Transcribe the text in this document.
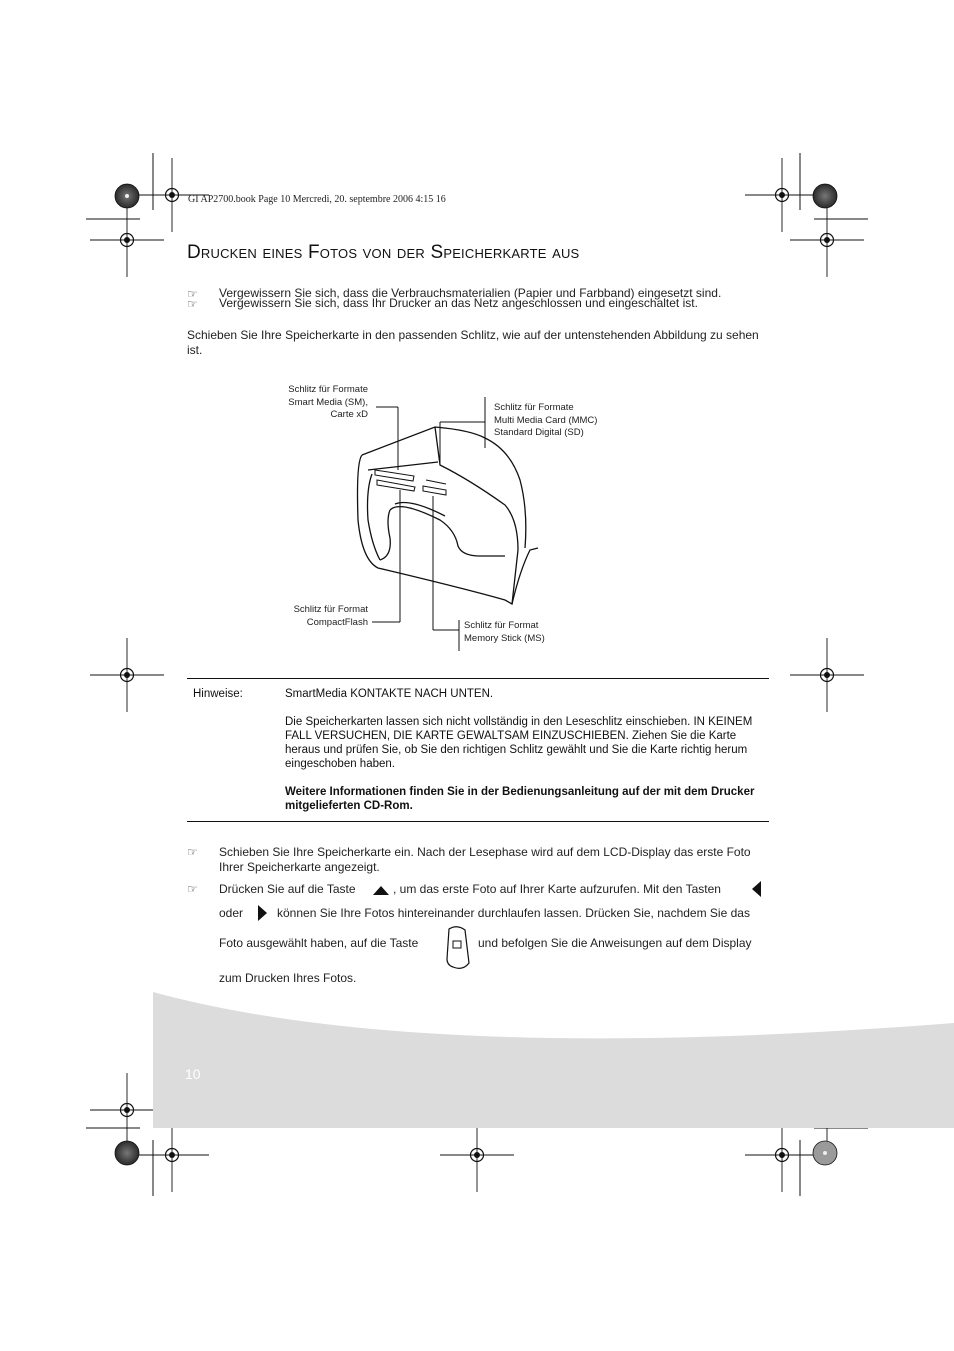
GI AP2700.book Page 10 Mercredi, 20. septembre 2006 4:15 16
Drucken eines Fotos von der Speicherkarte aus
☞
☞
Vergewissern Sie sich, dass die Verbrauchsmaterialien (Papier und Farbband) eingesetzt sind.
Vergewissern Sie sich, dass Ihr Drucker an das Netz angeschlossen und eingeschaltet ist.
Schieben Sie Ihre Speicherkarte in den passenden Schlitz, wie auf der untenstehenden Abbildung zu sehen ist.
Schlitz für Formate
Smart Media (SM),
Carte xD
Schlitz für Formate
Multi Media Card (MMC)
Standard Digital (SD)
Schlitz für Format
CompactFlash	Schlitz für Format
Memory Stick (MS)
Hinweise:	SmartMedia KONTAKTE NACH UNTEN.

Die Speicherkarten lassen sich nicht vollständig in den Leseschlitz einschieben. IN KEINEM FALL VERSUCHEN, DIE KARTE GEWALTSAM EINZUSCHIEBEN. Ziehen Sie die Karte heraus und prüfen Sie, ob Sie den richtigen Schlitz gewählt und Sie die Karte richtig herum eingeschoben haben.

Weitere Informationen finden Sie in der Bedienungsanleitung auf der mit dem Drucker mitgelieferten CD-Rom.

☞ Schieben Sie Ihre Speicherkarte ein. Nach der Lesephase wird auf dem LCD-Display das erste Foto Ihrer Speicherkarte angezeigt.
☞ Drücken Sie auf die Taste	, um das erste Foto auf Ihrer Karte aufzurufen. Mit den Tasten
oder	können Sie Ihre Fotos hintereinander durchlaufen lassen. Drücken Sie, nachdem Sie das
Foto ausgewählt haben, auf die Taste	und befolgen Sie die Anweisungen auf dem Display
zum Drucken Ihres Fotos.
10
